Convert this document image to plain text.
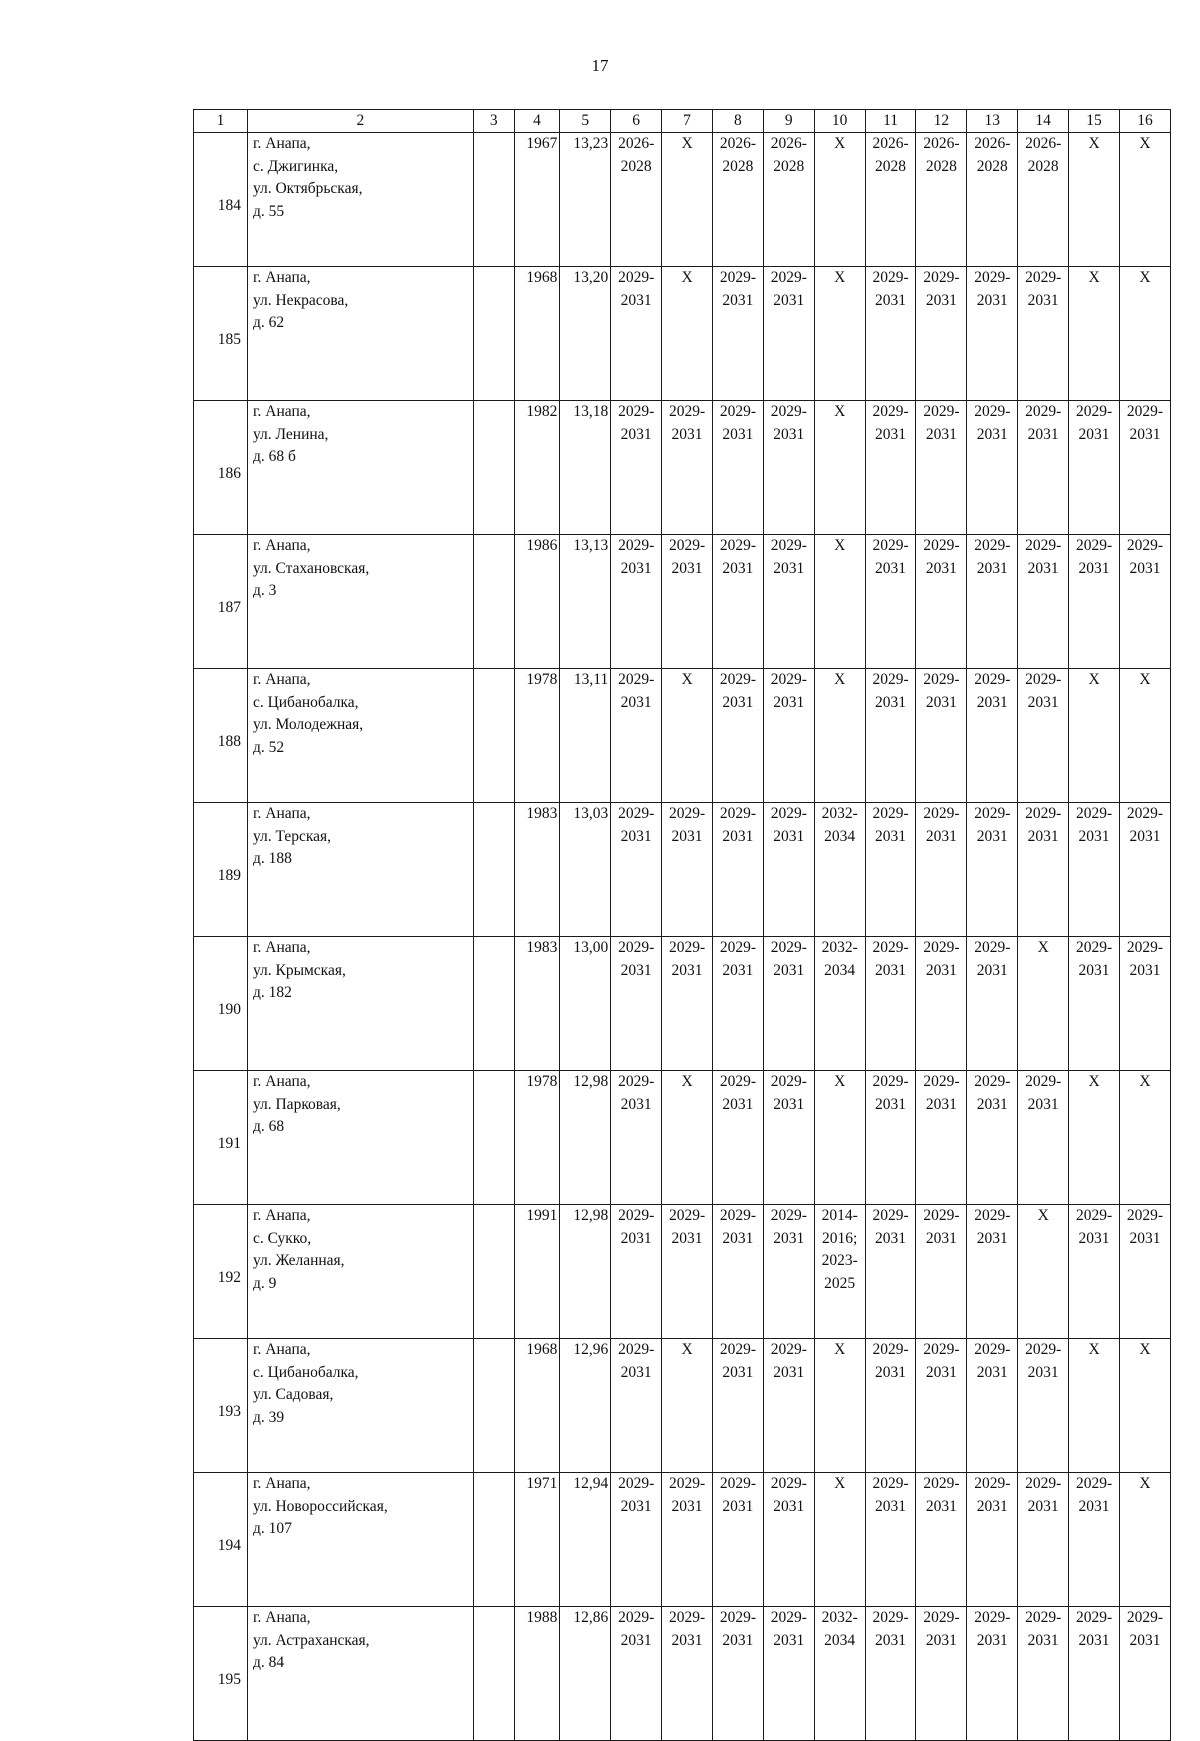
17
1	2	3	4	5	6	7	8	9	10	11	12	13	14	15	16
184	г. Анапа,
с. Джигинка,
ул. Октябрьская,
д. 55		1967	13,23	2026-
2028	X	2026-
2028	2026-
2028	X	2026-
2028	2026-
2028	2026-
2028	2026-
2028	X	X

185	г. Анапа,
ул. Некрасова,
д. 62		1968	13,20	2029-
2031	X	2029-
2031	2029-
2031	X	2029-
2031	2029-
2031	2029-
2031	2029-
2031	X	X

186	г. Анапа,
ул. Ленина,
д. 68 б		1982	13,18	2029-
2031	2029-
2031	2029-
2031	2029-
2031	X	2029-
2031	2029-
2031	2029-
2031	2029-
2031	2029-
2031	2029-
2031

187	г. Анапа,
ул. Стахановская,
д. 3		1986	13,13	2029-
2031	2029-
2031	2029-
2031	2029-
2031	X	2029-
2031	2029-
2031	2029-
2031	2029-
2031	2029-
2031	2029-
2031

188	г. Анапа,
с. Цибанобалка,
ул. Молодежная,
д. 52		1978	13,11	2029-
2031	X	2029-
2031	2029-
2031	X	2029-
2031	2029-
2031	2029-
2031	2029-
2031	X	X

189	г. Анапа,
ул. Терская,
д. 188		1983	13,03	2029-
2031	2029-
2031	2029-
2031	2029-
2031	2032-
2034	2029-
2031	2029-
2031	2029-
2031	2029-
2031	2029-
2031	2029-
2031

190	г. Анапа,
ул. Крымская,
д. 182		1983	13,00	2029-
2031	2029-
2031	2029-
2031	2029-
2031	2032-
2034	2029-
2031	2029-
2031	2029-
2031	X	2029-
2031	2029-
2031

191	г. Анапа,
ул. Парковая,
д. 68		1978	12,98	2029-
2031	X	2029-
2031	2029-
2031	X	2029-
2031	2029-
2031	2029-
2031	2029-
2031	X	X

192	г. Анапа,
с. Сукко,
ул. Желанная,
д. 9		1991	12,98	2029-
2031	2029-
2031	2029-
2031	2029-
2031	2014-
2016;
2023-
2025	2029-
2031	2029-
2031	2029-
2031	X	2029-
2031	2029-
2031

193	г. Анапа,
с. Цибанобалка,
ул. Садовая,
д. 39		1968	12,96	2029-
2031	X	2029-
2031	2029-
2031	X	2029-
2031	2029-
2031	2029-
2031	2029-
2031	X	X

194	г. Анапа,
ул. Новороссийская,
д. 107		1971	12,94	2029-
2031	2029-
2031	2029-
2031	2029-
2031	X	2029-
2031	2029-
2031	2029-
2031	2029-
2031	2029-
2031	X

195	г. Анапа,
ул. Астраханская,
д. 84		1988	12,86	2029-
2031	2029-
2031	2029-
2031	2029-
2031	2032-
2034	2029-
2031	2029-
2031	2029-
2031	2029-
2031	2029-
2031	2029-
2031
